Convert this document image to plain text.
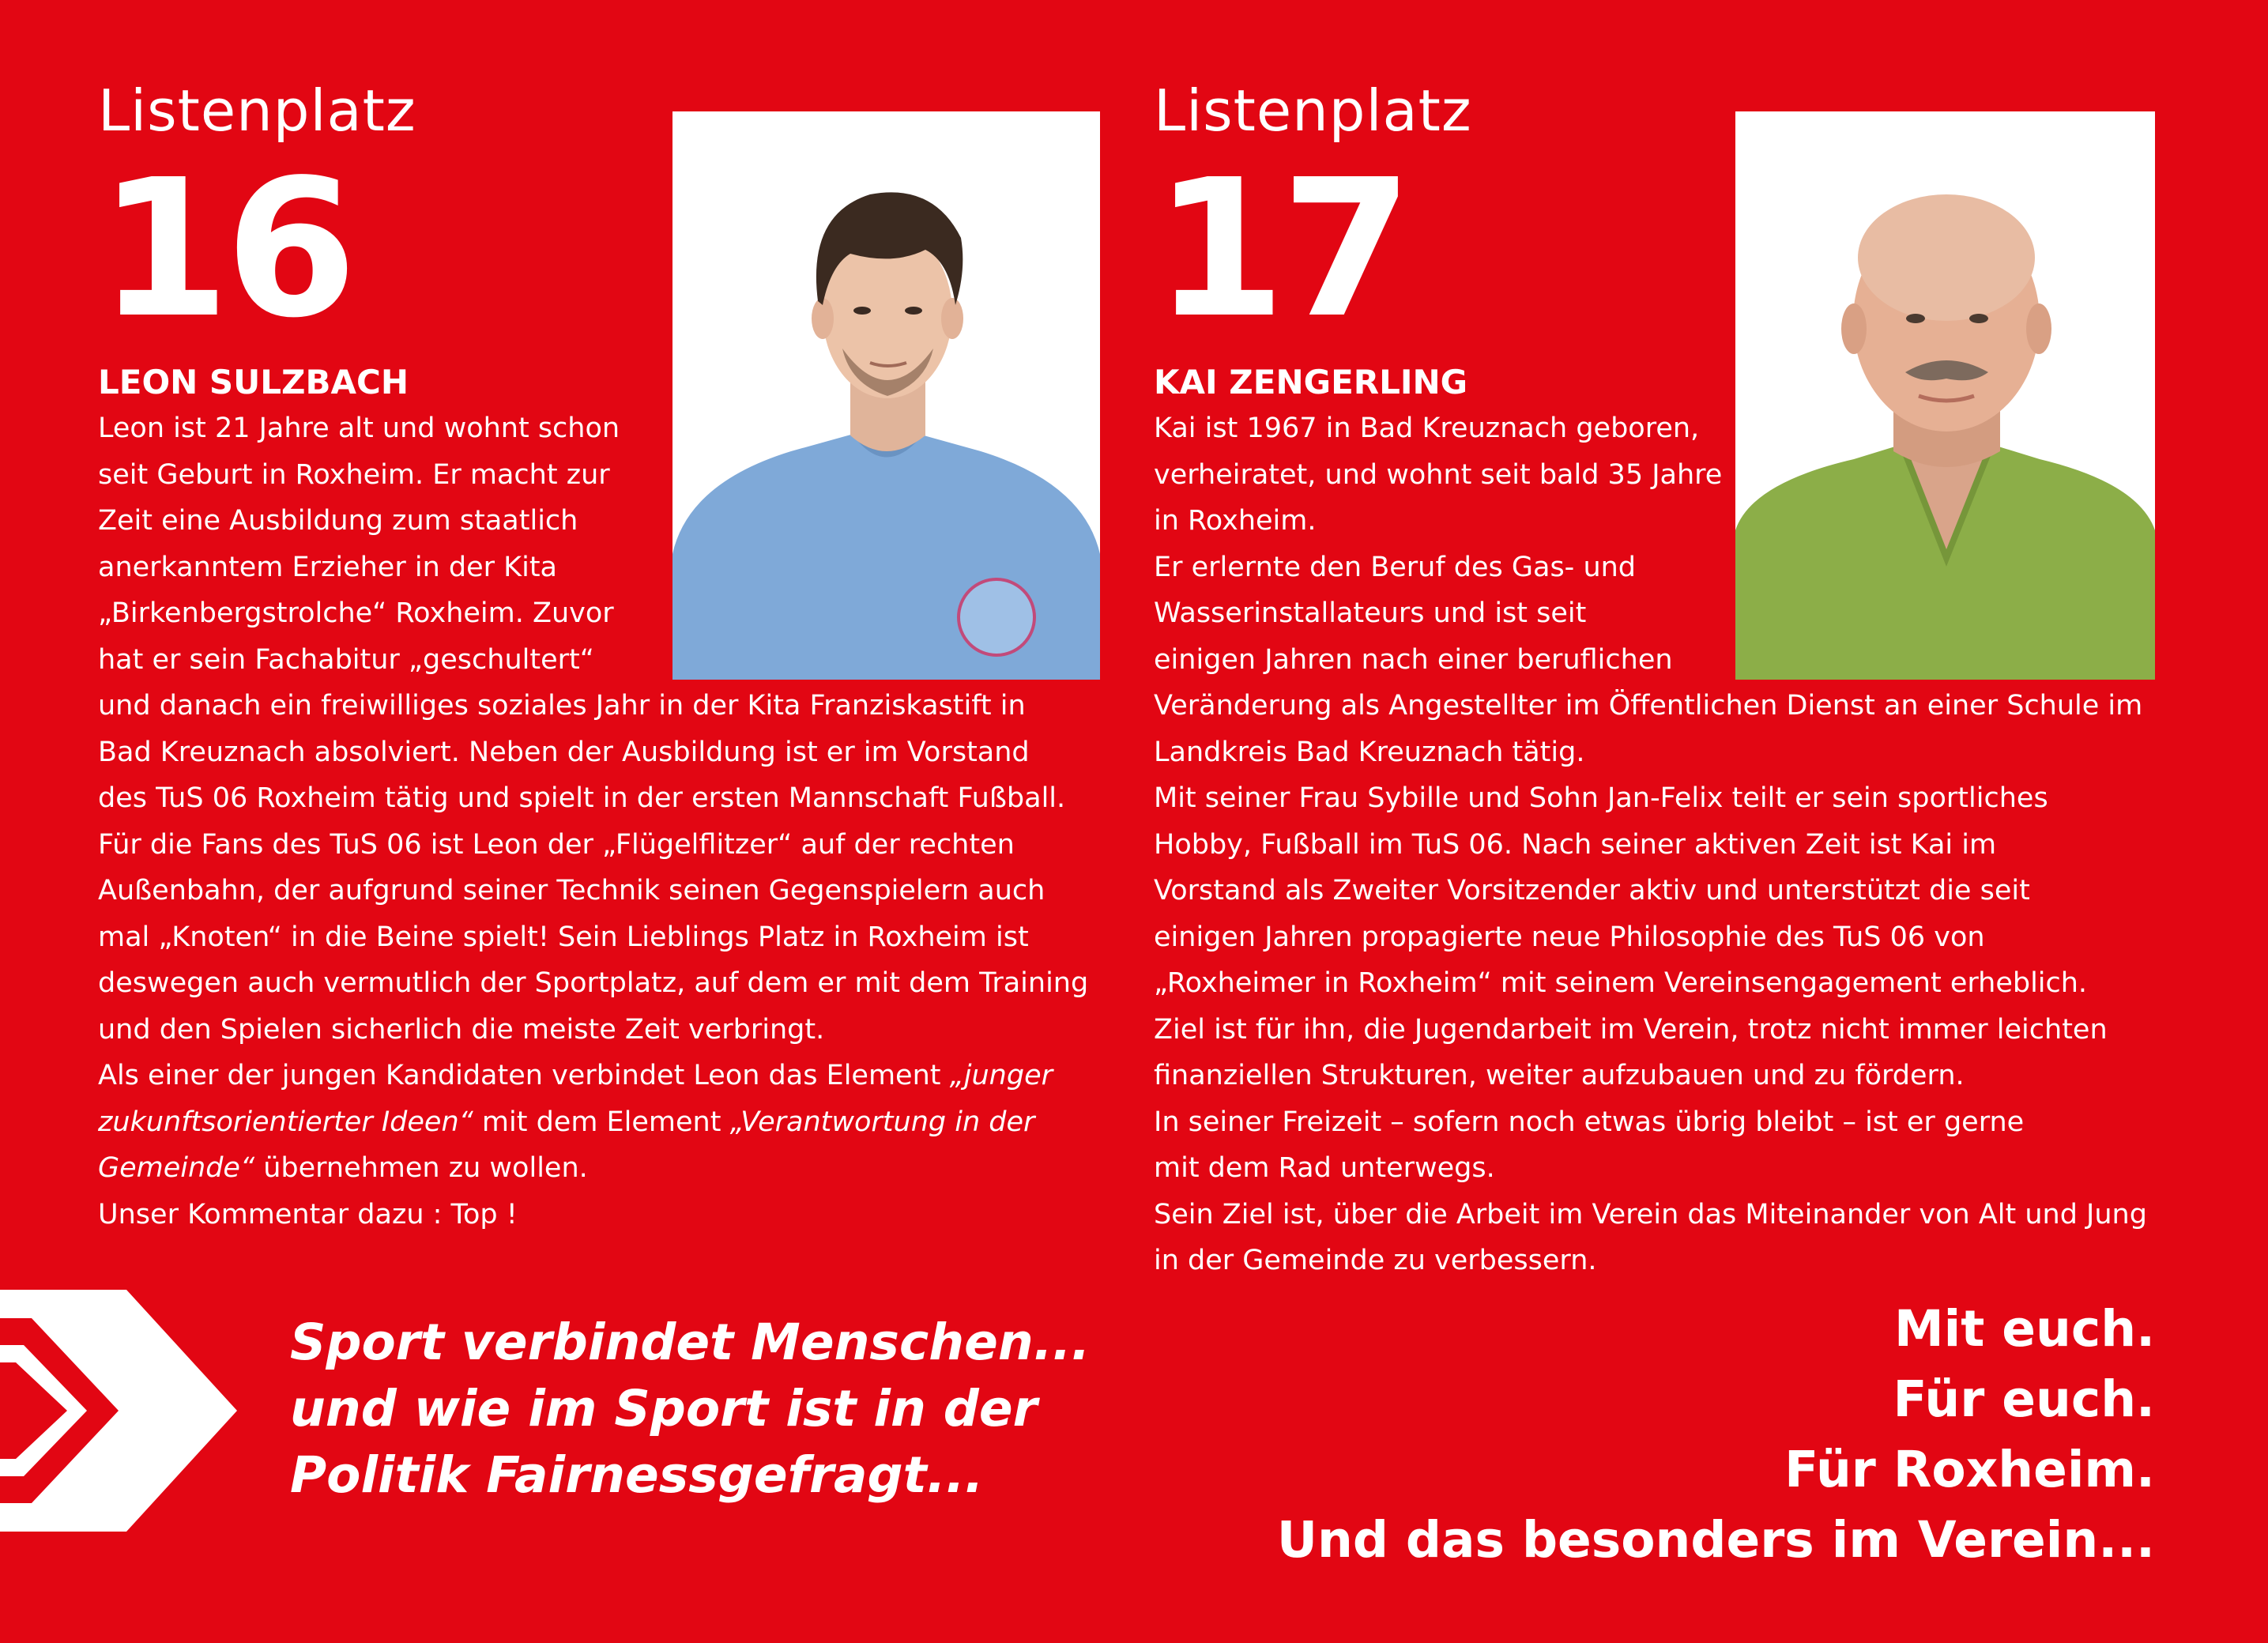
Listenplatz
16
LEON SULZBACH

Leon ist 21 Jahre alt und wohnt schon
seit Geburt in Roxheim. Er macht zur
Zeit eine Ausbildung zum staatlich
anerkanntem Erzieher in der Kita
„Birkenbergstrolche“ Roxheim. Zuvor
hat er sein Fachabitur „geschultert“
und danach ein freiwilliges soziales Jahr in der Kita Franziskastift in
Bad Kreuznach absolviert. Neben der Ausbildung ist er im Vorstand
des TuS 06 Roxheim tätig und spielt in der ersten Mannschaft Fußball.
Für die Fans des TuS 06 ist Leon der „Flügelflitzer“ auf der rechten
Außenbahn, der aufgrund seiner Technik seinen Gegenspielern auch
mal „Knoten“ in die Beine spielt! Sein Lieblings Platz in Roxheim ist
deswegen auch vermutlich der Sportplatz, auf dem er mit dem Training
und den Spielen sicherlich die meiste Zeit verbringt.
Als einer der jungen Kandidaten verbindet Leon das Element „junger
zukunftsorientierter Ideen“ mit dem Element „Verantwortung in der
Gemeinde“ übernehmen zu wollen.
Unser Kommentar dazu : Top !

Listenplatz
17
KAI ZENGERLING

Kai ist 1967 in Bad Kreuznach geboren,
verheiratet, und wohnt seit bald 35 Jahre
in Roxheim.
Er erlernte den Beruf des Gas- und
Wasserinstallateurs und ist seit
einigen Jahren nach einer beruflichen
Veränderung als Angestellter im Öffentlichen Dienst an einer Schule im
Landkreis Bad Kreuznach tätig.
Mit seiner Frau Sybille und Sohn Jan-Felix teilt er sein sportliches
Hobby, Fußball im TuS 06. Nach seiner aktiven Zeit ist Kai im
Vorstand als Zweiter Vorsitzender aktiv und unterstützt die seit
einigen Jahren propagierte neue Philosophie des TuS 06 von
„Roxheimer in Roxheim“ mit seinem Vereinsengagement erheblich.
Ziel ist für ihn, die Jugendarbeit im Verein, trotz nicht immer leichten
finanziellen Strukturen, weiter aufzubauen und zu fördern.
In seiner Freizeit – sofern noch etwas übrig bleibt – ist er gerne
mit dem Rad unterwegs.
Sein Ziel ist, über die Arbeit im Verein das Miteinander von Alt und Jung
in der Gemeinde zu verbessern.

Sport verbindet Menschen...
und wie im Sport ist in der
Politik Fairnessgefragt...

Mit euch.
Für euch.
Für Roxheim.
Und das besonders im Verein...
